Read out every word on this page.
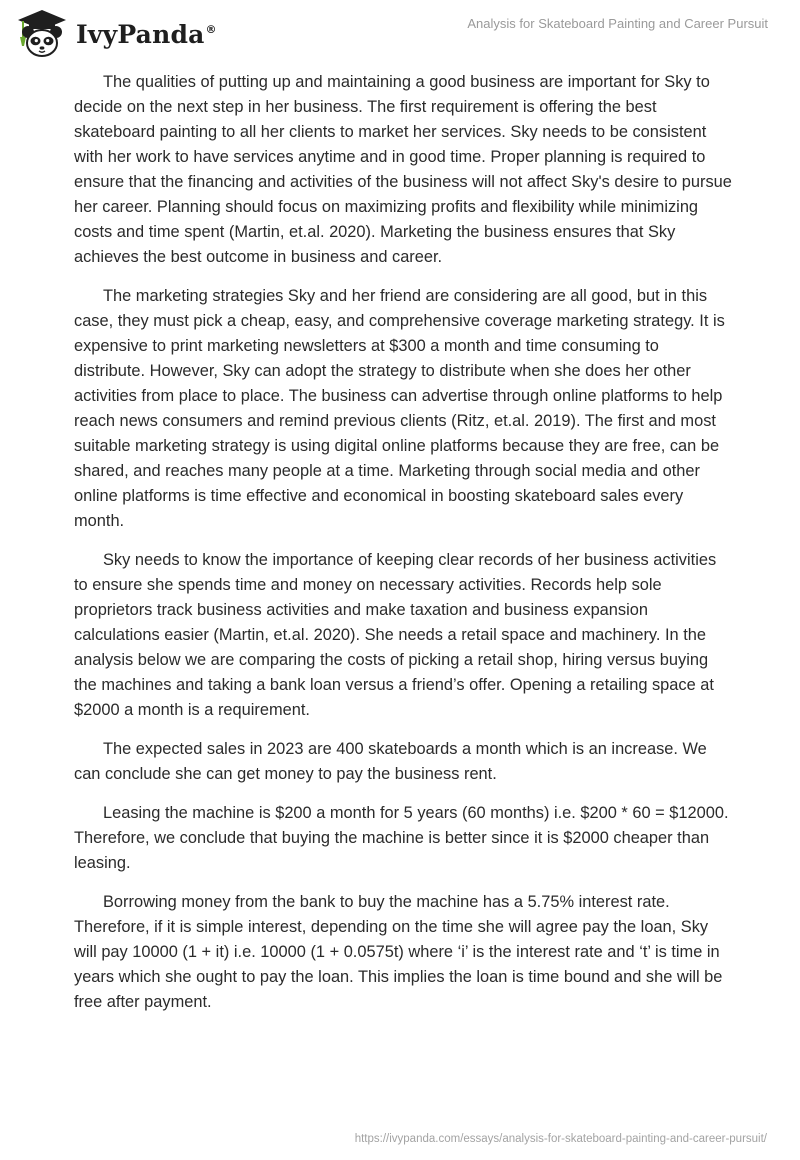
IvyPanda®	Analysis for Skateboard Painting and Career Pursuit

The qualities of putting up and maintaining a good business are important for Sky to decide on the next step in her business. The first requirement is offering the best skateboard painting to all her clients to market her services. Sky needs to be consistent with her work to have services anytime and in good time. Proper planning is required to ensure that the financing and activities of the business will not affect Sky's desire to pursue her career. Planning should focus on maximizing profits and flexibility while minimizing costs and time spent (Martin, et.al. 2020). Marketing the business ensures that Sky achieves the best outcome in business and career.

The marketing strategies Sky and her friend are considering are all good, but in this case, they must pick a cheap, easy, and comprehensive coverage marketing strategy. It is expensive to print marketing newsletters at $300 a month and time consuming to distribute. However, Sky can adopt the strategy to distribute when she does her other activities from place to place. The business can advertise through online platforms to help reach news consumers and remind previous clients (Ritz, et.al. 2019). The first and most suitable marketing strategy is using digital online platforms because they are free, can be shared, and reaches many people at a time. Marketing through social media and other online platforms is time effective and economical in boosting skateboard sales every month.

Sky needs to know the importance of keeping clear records of her business activities to ensure she spends time and money on necessary activities. Records help sole proprietors track business activities and make taxation and business expansion calculations easier (Martin, et.al. 2020). She needs a retail space and machinery. In the analysis below we are comparing the costs of picking a retail shop, hiring versus buying the machines and taking a bank loan versus a friend’s offer. Opening a retailing space at $2000 a month is a requirement.

The expected sales in 2023 are 400 skateboards a month which is an increase. We can conclude she can get money to pay the business rent.

Leasing the machine is $200 a month for 5 years (60 months) i.e. $200 * 60 = $12000. Therefore, we conclude that buying the machine is better since it is $2000 cheaper than leasing.

Borrowing money from the bank to buy the machine has a 5.75% interest rate. Therefore, if it is simple interest, depending on the time she will agree pay the loan, Sky will pay 10000 (1 + it) i.e. 10000 (1 + 0.0575t) where ‘i’ is the interest rate and ‘t’ is time in years which she ought to pay the loan. This implies the loan is time bound and she will be free after payment.

https://ivypanda.com/essays/analysis-for-skateboard-painting-and-career-pursuit/
